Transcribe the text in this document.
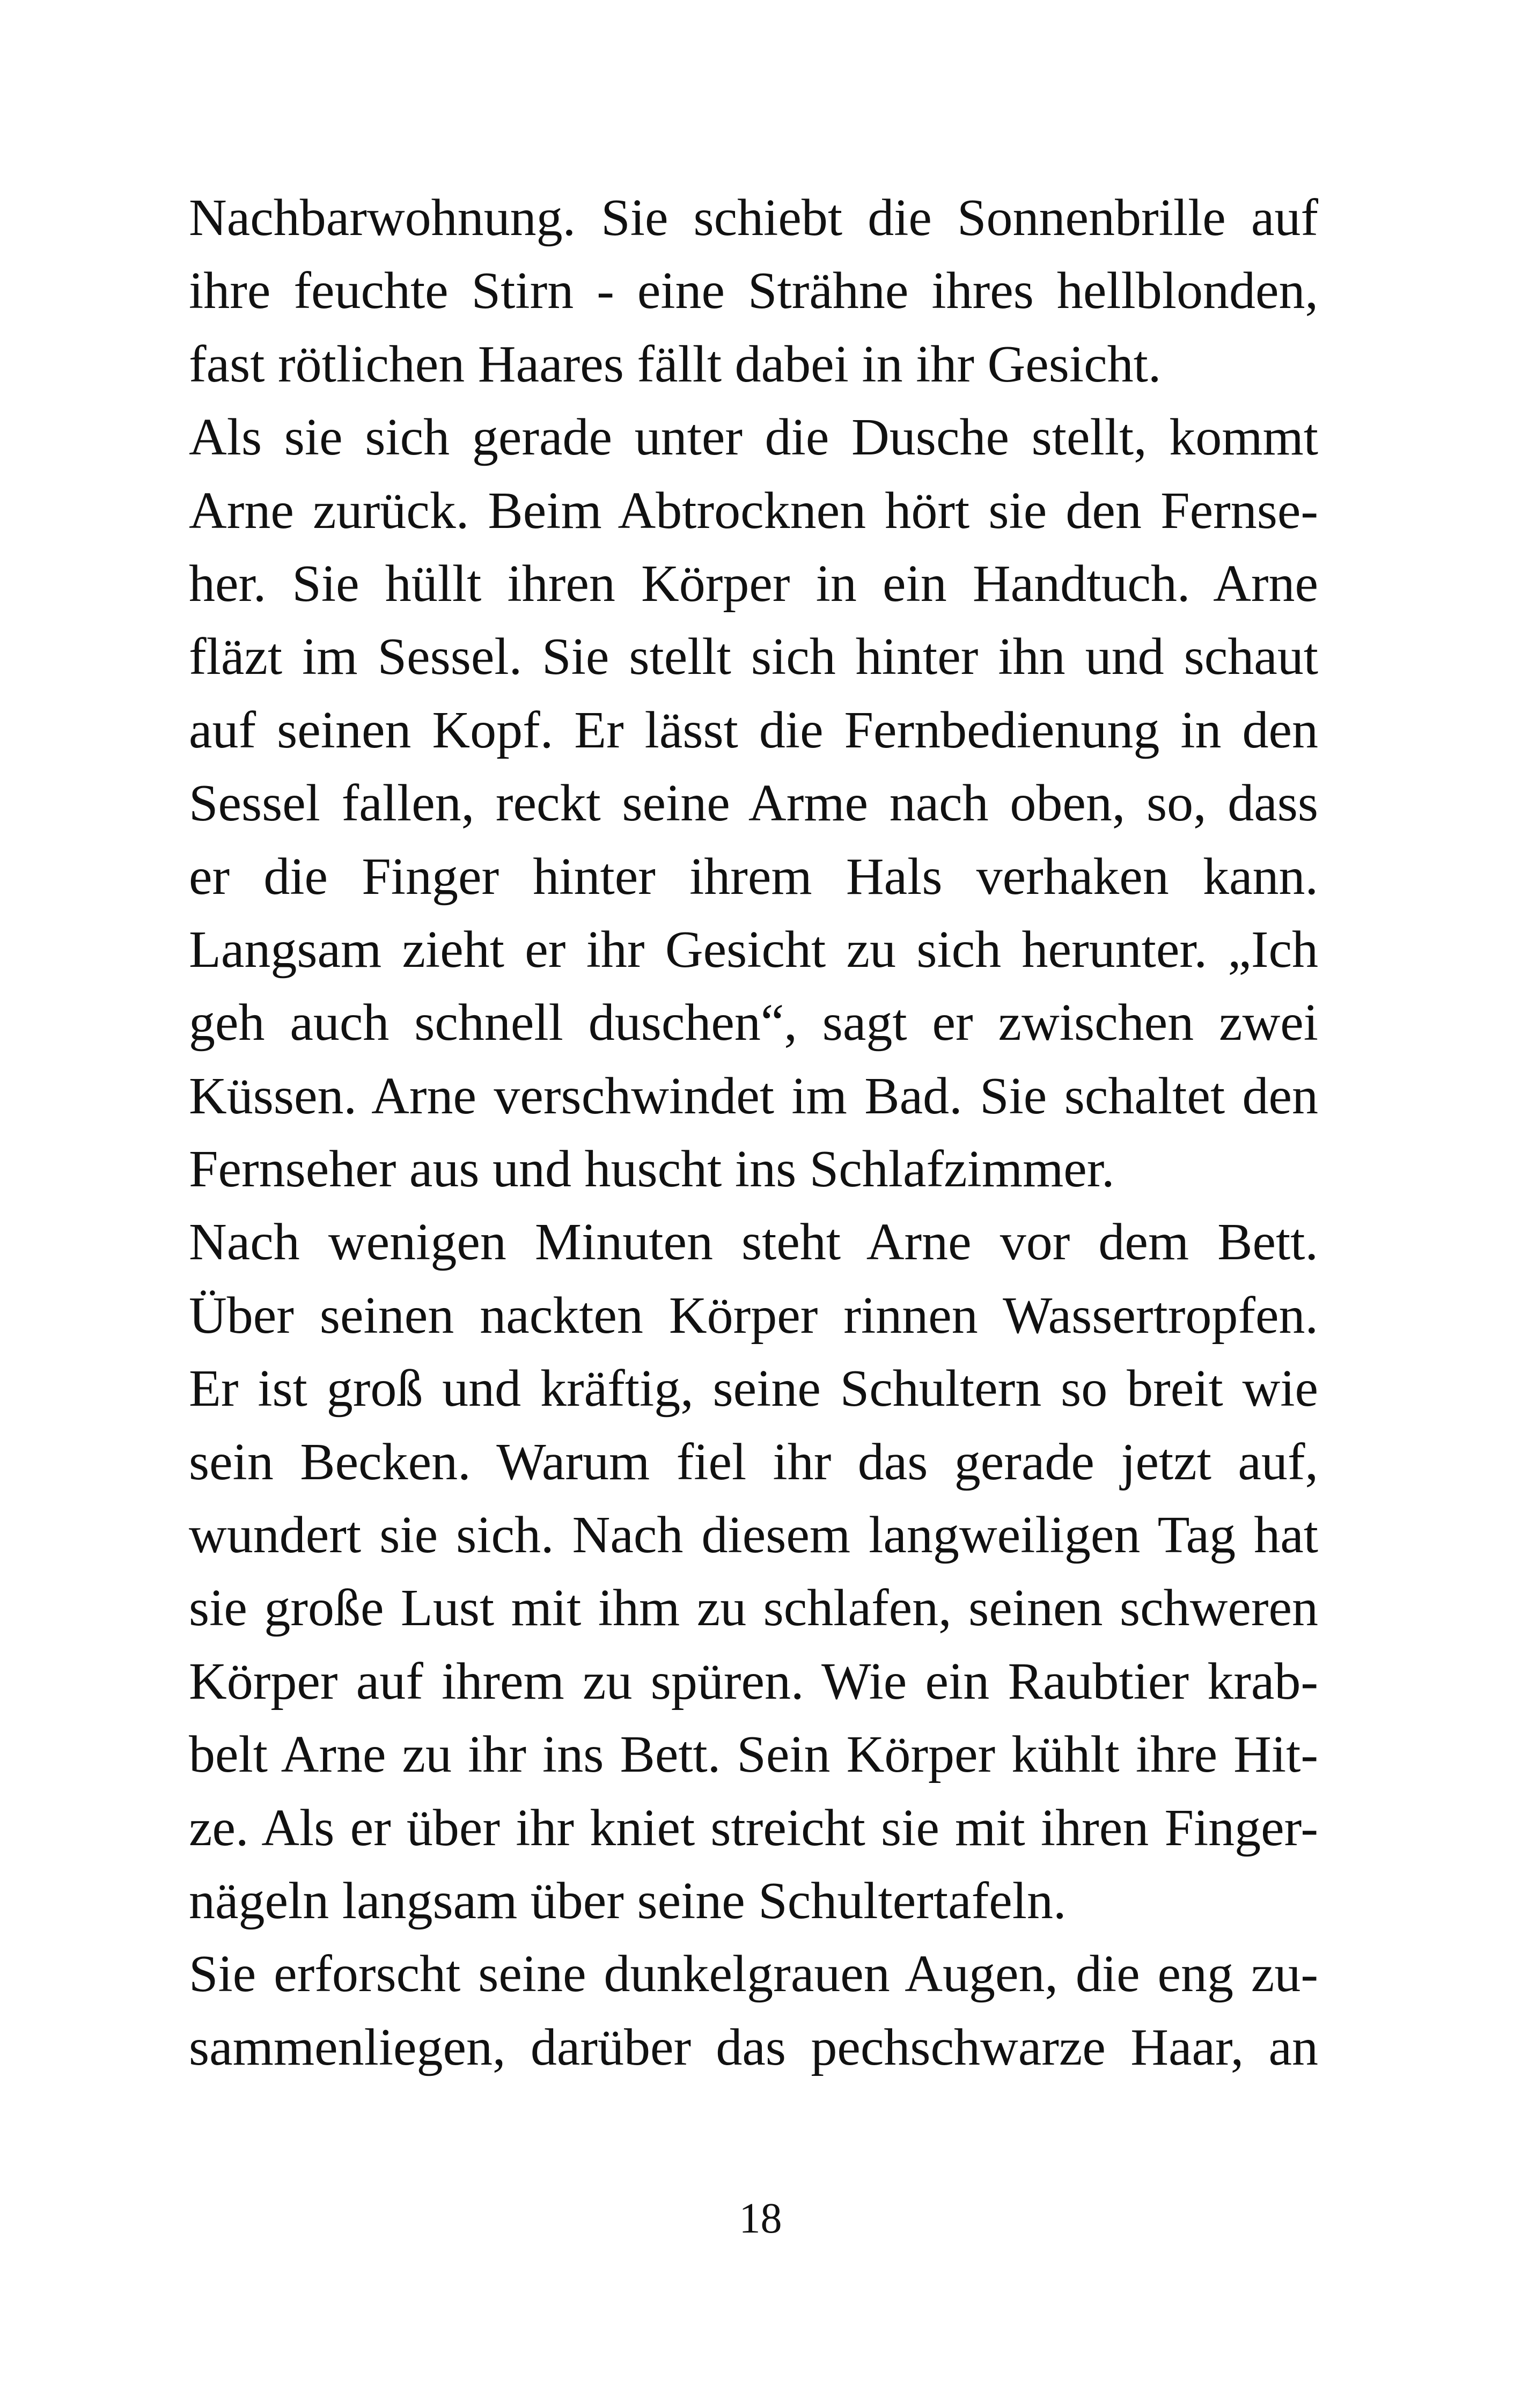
Nachbarwohnung. Sie schiebt die Sonnenbrille auf
ihre feuchte Stirn - eine Strähne ihres hellblonden,
fast rötlichen Haares fällt dabei in ihr Gesicht.
Als sie sich gerade unter die Dusche stellt, kommt
Arne zurück. Beim Abtrocknen hört sie den Fernse-
her. Sie hüllt ihren Körper in ein Handtuch. Arne
fläzt im Sessel. Sie stellt sich hinter ihn und schaut
auf seinen Kopf. Er lässt die Fernbedienung in den
Sessel fallen, reckt seine Arme nach oben, so, dass
er die Finger hinter ihrem Hals verhaken kann.
Langsam zieht er ihr Gesicht zu sich herunter. „Ich
geh auch schnell duschen“, sagt er zwischen zwei
Küssen. Arne verschwindet im Bad. Sie schaltet den
Fernseher aus und huscht ins Schlafzimmer.
Nach wenigen Minuten steht Arne vor dem Bett.
Über seinen nackten Körper rinnen Wassertropfen.
Er ist groß und kräftig, seine Schultern so breit wie
sein Becken. Warum fiel ihr das gerade jetzt auf,
wundert sie sich. Nach diesem langweiligen Tag hat
sie große Lust mit ihm zu schlafen, seinen schweren
Körper auf ihrem zu spüren. Wie ein Raubtier krab-
belt Arne zu ihr ins Bett. Sein Körper kühlt ihre Hit-
ze. Als er über ihr kniet streicht sie mit ihren Finger-
nägeln langsam über seine Schultertafeln.
Sie erforscht seine dunkelgrauen Augen, die eng zu-
sammenliegen, darüber das pechschwarze Haar, an
18
